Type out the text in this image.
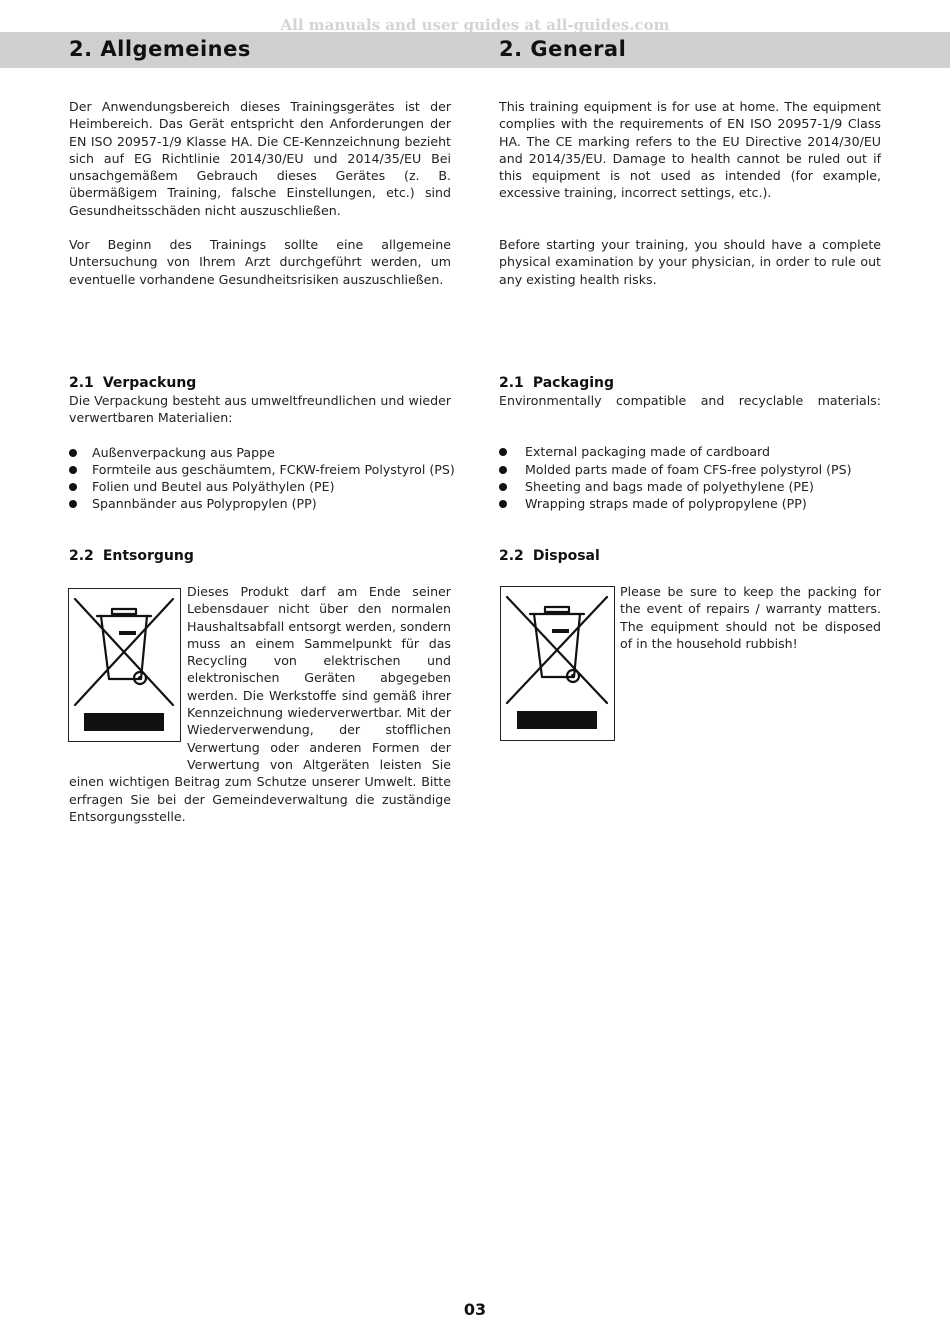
All manuals and user guides at all-guides.com
2. Allgemeines	2. General

Der Anwendungsbereich dieses Trainingsgerätes ist der Heimbereich. Das Gerät entspricht den Anforderungen der EN ISO 20957-1/9 Klasse HA. Die CE-Kennzeichnung bezieht sich auf EG Richtlinie 2014/30/EU und 2014/35/EU Bei unsachgemäßem Gebrauch dieses Gerätes (z. B. übermäßigem Training, falsche Einstellungen, etc.) sind Gesundheitsschäden nicht auszuschließen.

Vor Beginn des Trainings sollte eine allgemeine Untersuchung von Ihrem Arzt durchgeführt werden, um eventuelle vorhandene Gesundheitsrisiken auszuschließen.

2.1 Verpackung

Die Verpackung besteht aus umweltfreundlichen und wieder verwertbaren Materialien:

Außenverpackung aus Pappe
Formteile aus geschäumtem, FCKW-freiem Polystyrol (PS)
Folien und Beutel aus Polyäthylen (PE)
Spannbänder aus Polypropylen (PP)
2.2 Entsorgung

Dieses Produkt darf am Ende seiner Lebensdauer nicht über den normalen Haushaltsabfall entsorgt werden, sondern muss an einem Sammelpunkt für das Recycling von elektrischen und elektronischen Geräten abgegeben werden. Die Werkstoffe sind gemäß ihrer Kennzeichnung wiederverwertbar. Mit der Wiederverwendung, der stofflichen Verwertung oder anderen Formen der Verwertung von Altgeräten leisten Sie einen wichtigen Beitrag zum Schutze unserer Umwelt. Bitte erfragen Sie bei der Gemeindeverwaltung die zuständige Entsorgungsstelle.

This training equipment is for use at home. The equipment complies with the requirements of EN ISO 20957-1/9 Class HA. The CE marking refers to the EU Directive 2014/30/EU and 2014/35/EU. Damage to health cannot be ruled out if this equipment is not used as intended (for example, excessive training, incorrect settings, etc.).

Before starting your training, you should have a complete physical examination by your physician, in order to rule out any existing health risks.

2.1 Packaging

Environmentally compatible and recyclable materials:

External packaging made of cardboard
Molded parts made of foam CFS-free polystyrol (PS)
Sheeting and bags made of polyethylene (PE)
Wrapping straps made of polypropylene (PP)
2.2 Disposal

Please be sure to keep the packing for the event of repairs / warranty matters. The equipment should not be disposed of in the household rubbish!

03
